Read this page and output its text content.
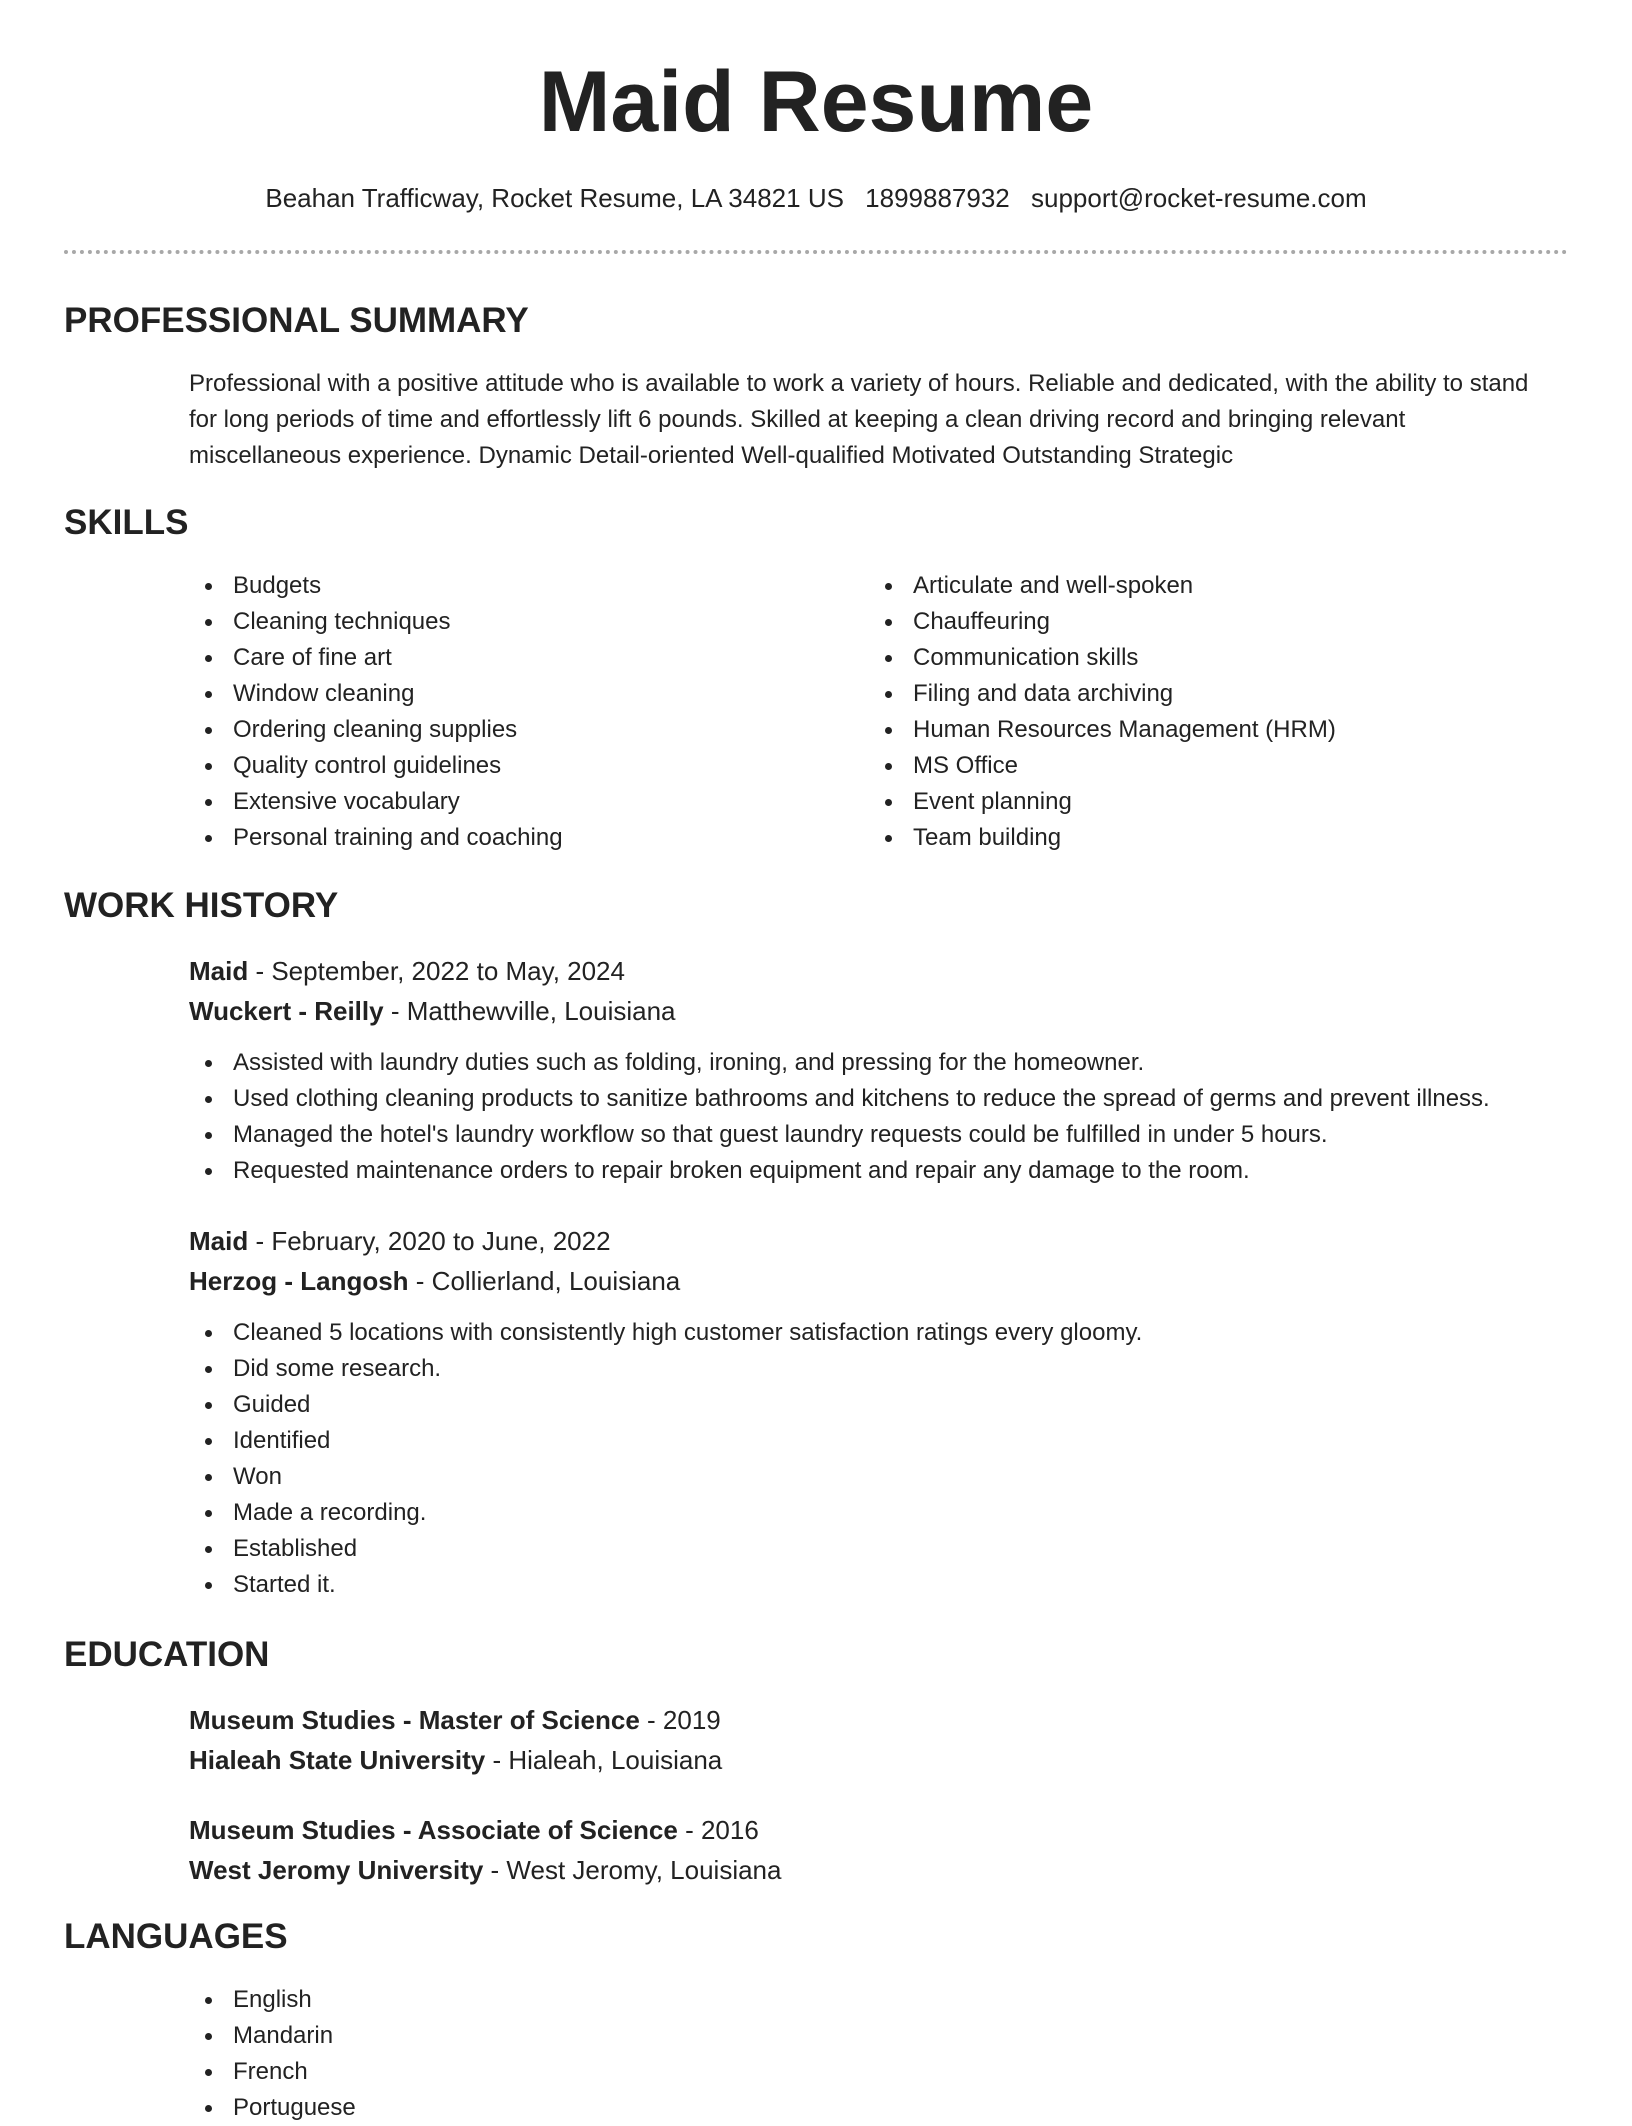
Maid Resume
Beahan Trafficway, Rocket Resume, LA 34821 US 1899887932 support@rocket-resume.com
PROFESSIONAL SUMMARY
Professional with a positive attitude who is available to work a variety of hours. Reliable and dedicated, with the ability to stand for long periods of time and effortlessly lift 6 pounds. Skilled at keeping a clean driving record and bringing relevant miscellaneous experience. Dynamic Detail-oriented Well-qualified Motivated Outstanding Strategic
SKILLS
Budgets
Cleaning techniques
Care of fine art
Window cleaning
Ordering cleaning supplies
Quality control guidelines
Extensive vocabulary
Personal training and coaching
Articulate and well-spoken
Chauffeuring
Communication skills
Filing and data archiving
Human Resources Management (HRM)
MS Office
Event planning
Team building
WORK HISTORY
Maid - September, 2022 to May, 2024
Wuckert - Reilly - Matthewville, Louisiana
Assisted with laundry duties such as folding, ironing, and pressing for the homeowner.
Used clothing cleaning products to sanitize bathrooms and kitchens to reduce the spread of germs and prevent illness.
Managed the hotel's laundry workflow so that guest laundry requests could be fulfilled in under 5 hours.
Requested maintenance orders to repair broken equipment and repair any damage to the room.
Maid - February, 2020 to June, 2022
Herzog - Langosh - Collierland, Louisiana
Cleaned 5 locations with consistently high customer satisfaction ratings every gloomy.
Did some research.
Guided
Identified
Won
Made a recording.
Established
Started it.
EDUCATION
Museum Studies - Master of Science - 2019
Hialeah State University - Hialeah, Louisiana
Museum Studies - Associate of Science - 2016
West Jeromy University - West Jeromy, Louisiana
LANGUAGES
English
Mandarin
French
Portuguese
